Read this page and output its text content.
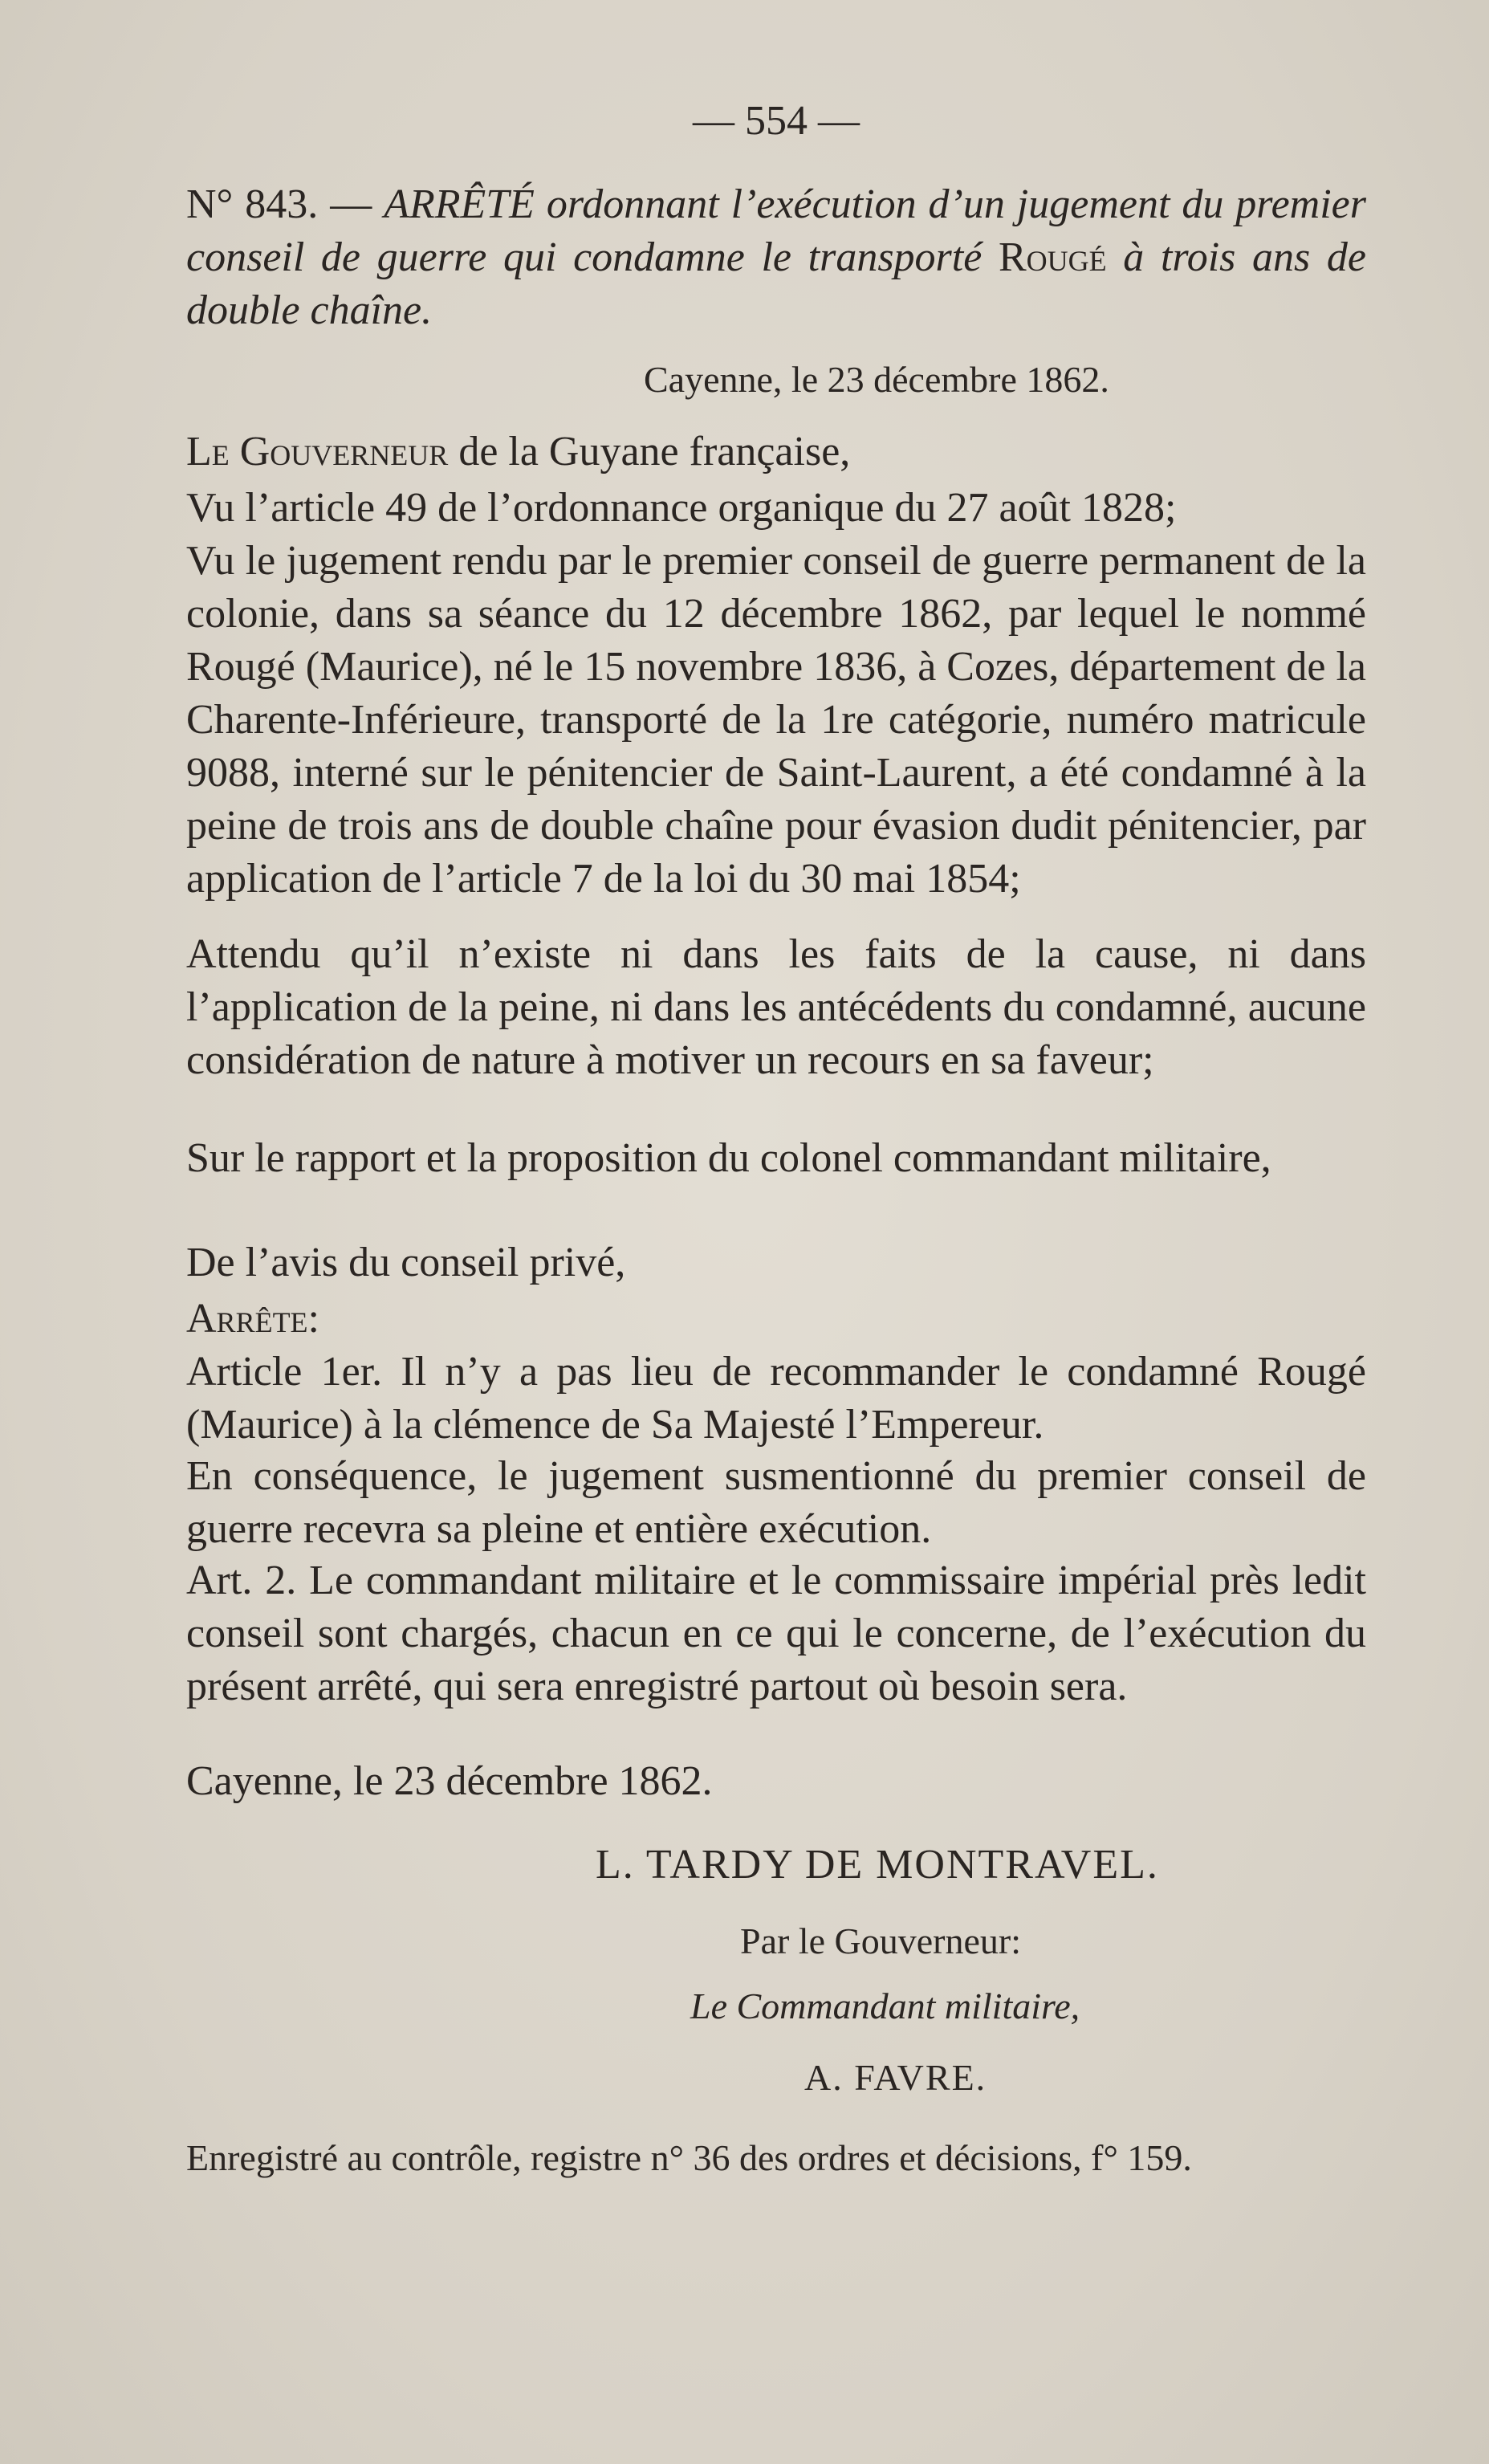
— 554 —
N° 843. — ARRÊTÉ ordonnant l’exécution d’un jugement du premier conseil de guerre qui condamne le transporté Rougé à trois ans de double chaîne.
Cayenne, le 23 décembre 1862.
Le Gouverneur de la Guyane française,
Vu l’article 49 de l’ordonnance organique du 27 août 1828;
Vu le jugement rendu par le premier conseil de guerre permanent de la colonie, dans sa séance du 12 décembre 1862, par lequel le nommé Rougé (Maurice), né le 15 novembre 1836, à Cozes, département de la Charente-Inférieure, transporté de la 1re catégorie, numéro matricule 9088, interné sur le pénitencier de Saint-Laurent, a été condamné à la peine de trois ans de double chaîne pour évasion dudit pénitencier, par application de l’article 7 de la loi du 30 mai 1854;
Attendu qu’il n’existe ni dans les faits de la cause, ni dans l’application de la peine, ni dans les antécédents du condamné, aucune considération de nature à motiver un recours en sa faveur;
Sur le rapport et la proposition du colonel commandant militaire,
De l’avis du conseil privé,
Arrête:
Article 1er. Il n’y a pas lieu de recommander le condamné Rougé (Maurice) à la clémence de Sa Majesté l’Empereur.
En conséquence, le jugement susmentionné du premier conseil de guerre recevra sa pleine et entière exécution.
Art. 2. Le commandant militaire et le commissaire impérial près ledit conseil sont chargés, chacun en ce qui le concerne, de l’exécution du présent arrêté, qui sera enregistré partout où besoin sera.
Cayenne, le 23 décembre 1862.
L. TARDY DE MONTRAVEL.
Par le Gouverneur:
Le Commandant militaire,
A. FAVRE.
Enregistré au contrôle, registre n° 36 des ordres et décisions, f° 159.
